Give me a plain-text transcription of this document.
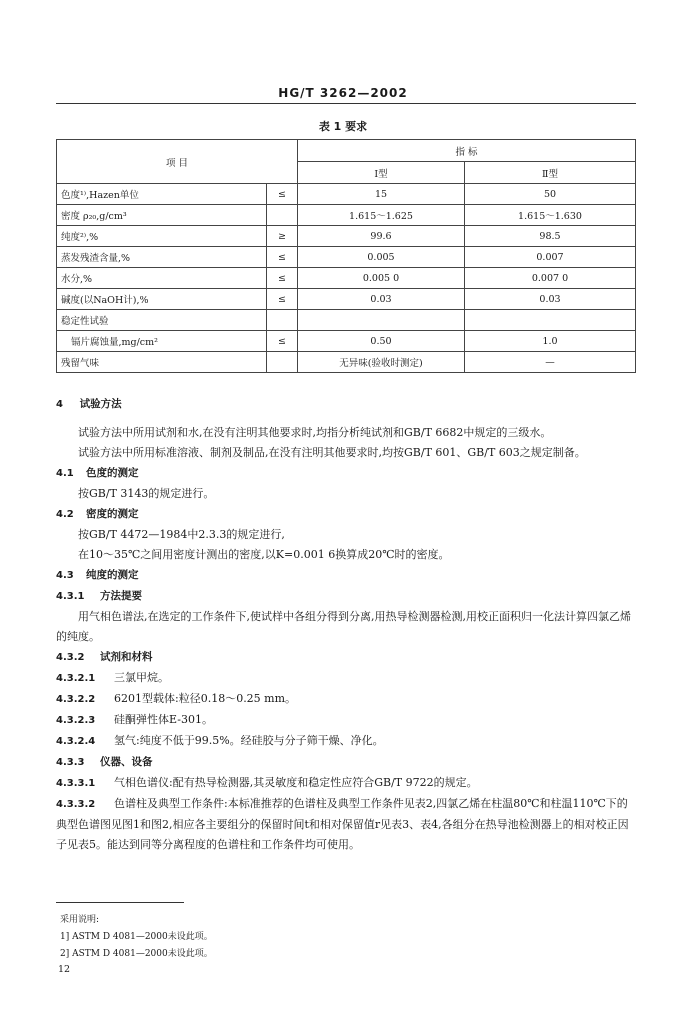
HG/T 3262—2002
表 1 要求
项 目		指 标	
		Ⅰ型	Ⅱ型
色度¹⁾,Hazen单位	≤	15	50
密度 ρ₂₀,g/cm³		1.615～1.625	1.615～1.630
纯度²⁾,%	≥	99.6	98.5
蒸发残渣含量,%	≤	0.005	0.007
水分,%	≤	0.005 0	0.007 0
碱度(以NaOH计),%	≤	0.03	0.03
稳定性试验			
镉片腐蚀量,mg/cm²	≤	0.50	1.0
残留气味		无异味(验收时测定)	—
4 试验方法
试验方法中所用试剂和水,在没有注明其他要求时,均指分析纯试剂和GB/T 6682中规定的三级水。
试验方法中所用标准溶液、制剂及制品,在没有注明其他要求时,均按GB/T 601、GB/T 603之规定制备。
4.1 色度的测定
按GB/T 3143的规定进行。
4.2 密度的测定
按GB/T 4472—1984中2.3.3的规定进行,
在10～35℃之间用密度计测出的密度,以K=0.001 6换算成20℃时的密度。
4.3 纯度的测定
4.3.1 方法提要
用气相色谱法,在选定的工作条件下,使试样中各组分得到分离,用热导检测器检测,用校正面积归一化法计算四氯乙烯的纯度。
4.3.2 试剂和材料
4.3.2.1 三氯甲烷。
4.3.2.2 6201型载体:粒径0.18～0.25 mm。
4.3.2.3 硅酮弹性体E-301。
4.3.2.4 氢气:纯度不低于99.5%。经硅胶与分子筛干燥、净化。
4.3.3 仪器、设备
4.3.3.1 气相色谱仪:配有热导检测器,其灵敏度和稳定性应符合GB/T 9722的规定。
4.3.3.2 色谱柱及典型工作条件:本标准推荐的色谱柱及典型工作条件见表2,四氯乙烯在柱温80℃和柱温110℃下的典型色谱图见图1和图2,相应各主要组分的保留时间t和相对保留值r见表3、表4,各组分在热导池检测器上的相对校正因子见表5。能达到同等分离程度的色谱柱和工作条件均可使用。
采用说明:
1] ASTM D 4081—2000未设此项。
2] ASTM D 4081—2000未设此项。
12
